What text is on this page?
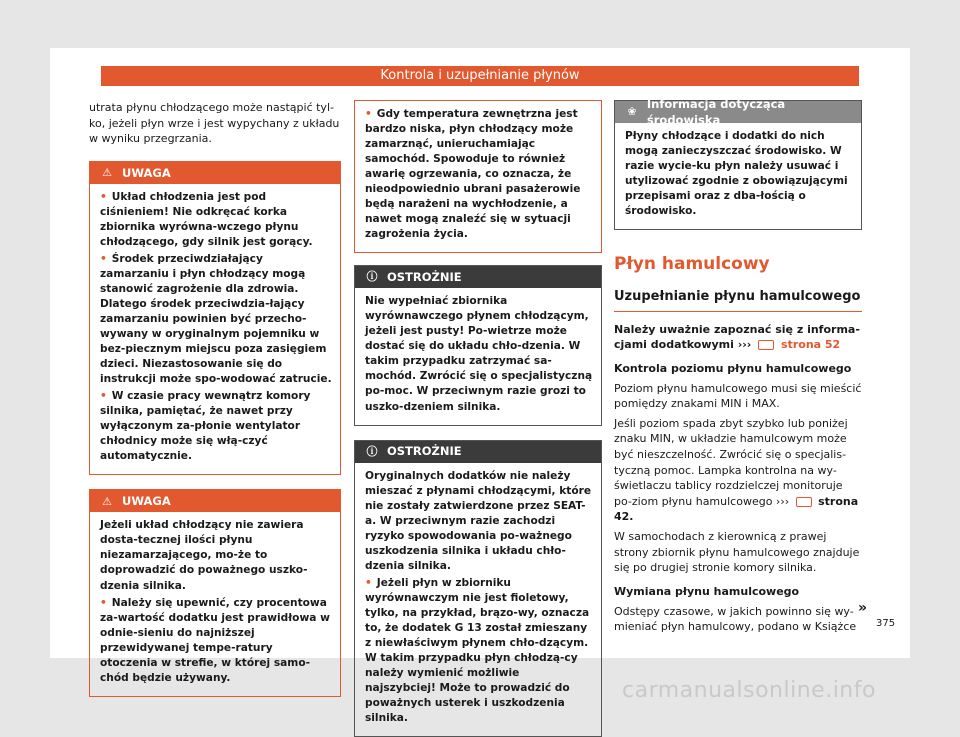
Kontrola i uzupełnianie płynów

utrata płynu chłodzącego może nastąpić tyl-ko, jeżeli płyn wrze i jest wypychany z układu w wyniku przegrzania.

⚠ UWAGA

• Układ chłodzenia jest pod ciśnieniem! Nie odkręcać korka zbiornika wyrówna-wczego płynu chłodzącego, gdy silnik jest gorący.

• Środek przeciwdziałający zamarzaniu i płyn chłodzący mogą stanowić zagrożenie dla zdrowia. Dlatego środek przeciwdzia-łający zamarzaniu powinien być przecho-wywany w oryginalnym pojemniku w bez-piecznym miejscu poza zasięgiem dzieci. Niezastosowanie się do instrukcji może spo-wodować zatrucie.

• W czasie pracy wewnątrz komory silnika, pamiętać, że nawet przy wyłączonym za-płonie wentylator chłodnicy może się włą-czyć automatycznie.

⚠ UWAGA

Jeżeli układ chłodzący nie zawiera dosta-tecznej ilości płynu niezamarzającego, mo-że to doprowadzić do poważnego uszko-dzenia silnika.

• Należy się upewnić, czy procentowa za-wartość dodatku jest prawidłowa w odnie-sieniu do najniższej przewidywanej tempe-ratury otoczenia w strefie, w której samo-chód będzie używany.

• Gdy temperatura zewnętrzna jest bardzo niska, płyn chłodzący może zamarznąć, unieruchamiając samochód. Spowoduje to również awarię ogrzewania, co oznacza, że nieodpowiednio ubrani pasażerowie będą narażeni na wychłodzenie, a nawet mogą znaleźć się w sytuacji zagrożenia życia.

ⓘ OSTROŻNIE

Nie wypełniać zbiornika wyrównawczego płynem chłodzącym, jeżeli jest pusty! Po-wietrze może dostać się do układu chło-dzenia. W takim przypadku zatrzymać sa-mochód. Zwrócić się o specjalistyczną po-moc. W przeciwnym razie grozi to uszko-dzeniem silnika.

ⓘ OSTROŻNIE

Oryginalnych dodatków nie należy mieszać z płynami chłodzącymi, które nie zostały zatwierdzone przez SEAT-a. W przeciwnym razie zachodzi ryzyko spowodowania po-ważnego uszkodzenia silnika i układu chło-dzenia silnika.

• Jeżeli płyn w zbiorniku wyrównawczym nie jest fioletowy, tylko, na przykład, brązo-wy, oznacza to, że dodatek G 13 został zmieszany z niewłaściwym płynem chło-dzącym. W takim przypadku płyn chłodzą-cy należy wymienić możliwie najszybciej! Może to prowadzić do poważnych usterek i uszkodzenia silnika.

❀
Informacja dotycząca środowiska

Płyny chłodzące i dodatki do nich mogą zanieczyszczać środowisko. W razie wycie-ku płyn należy usuwać i utylizować zgodnie z obowiązującymi przepisami oraz z dba-łością o środowisko.

Płyn hamulcowy
Uzupełnianie płynu hamulcowego

Należy uważnie zapoznać się z informa-cjami dodatkowymi ›››	strona 52

Kontrola poziomu płynu hamulcowego

Poziom płynu hamulcowego musi się mieścić pomiędzy znakami MIN i MAX.

Jeśli poziom spada zbyt szybko lub poniżej znaku MIN, w układzie hamulcowym może być nieszczelność. Zwrócić się o specjalis-tyczną pomoc. Lampka kontrolna na wy-świetlaczu tablicy rozdzielczej monitoruje po-ziom płynu hamulcowego ›››	strona 42.

W samochodach z kierownicą z prawej strony zbiornik płynu hamulcowego znajduje się po drugiej stronie komory silnika.

Wymiana płynu hamulcowego

Odstępy czasowe, w jakich powinno się wy-mieniać płyn hamulcowy, podano w Książce

»
375
carmanualsonline.info
